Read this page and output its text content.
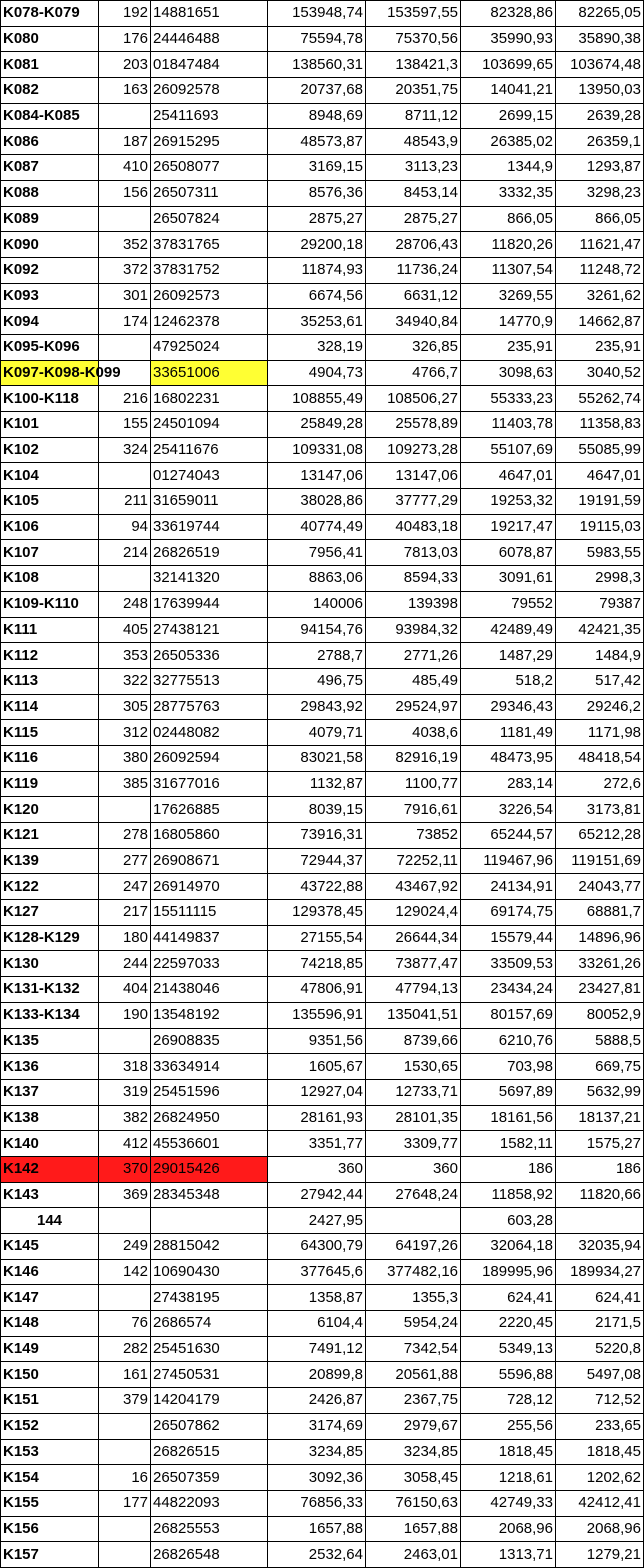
K078-K079	192	14881651	153948,74	153597,55	82328,86	82265,05
K080	176	24446488	75594,78	75370,56	35990,93	35890,38
K081	203	01847484	138560,31	138421,3	103699,65	103674,48
K082	163	26092578	20737,68	20351,75	14041,21	13950,03
K084-K085		25411693	8948,69	8711,12	2699,15	2639,28
K086	187	26915295	48573,87	48543,9	26385,02	26359,1
K087	410	26508077	3169,15	3113,23	1344,9	1293,87
K088	156	26507311	8576,36	8453,14	3332,35	3298,23
K089		26507824	2875,27	2875,27	866,05	866,05
K090	352	37831765	29200,18	28706,43	11820,26	11621,47
K092	372	37831752	11874,93	11736,24	11307,54	11248,72
K093	301	26092573	6674,56	6631,12	3269,55	3261,62
K094	174	12462378	35253,61	34940,84	14770,9	14662,87
K095-K096		47925024	328,19	326,85	235,91	235,91
K097-K098-K099		33651006	4904,73	4766,7	3098,63	3040,52
K100-K118	216	16802231	108855,49	108506,27	55333,23	55262,74
K101	155	24501094	25849,28	25578,89	11403,78	11358,83
K102	324	25411676	109331,08	109273,28	55107,69	55085,99
K104		01274043	13147,06	13147,06	4647,01	4647,01
K105	211	31659011	38028,86	37777,29	19253,32	19191,59
K106	94	33619744	40774,49	40483,18	19217,47	19115,03
K107	214	26826519	7956,41	7813,03	6078,87	5983,55
K108		32141320	8863,06	8594,33	3091,61	2998,3
K109-K110	248	17639944	140006	139398	79552	79387
K111	405	27438121	94154,76	93984,32	42489,49	42421,35
K112	353	26505336	2788,7	2771,26	1487,29	1484,9
K113	322	32775513	496,75	485,49	518,2	517,42
K114	305	28775763	29843,92	29524,97	29346,43	29246,2
K115	312	02448082	4079,71	4038,6	1181,49	1171,98
K116	380	26092594	83021,58	82916,19	48473,95	48418,54
K119	385	31677016	1132,87	1100,77	283,14	272,6
K120		17626885	8039,15	7916,61	3226,54	3173,81
K121	278	16805860	73916,31	73852	65244,57	65212,28
K139	277	26908671	72944,37	72252,11	119467,96	119151,69
K122	247	26914970	43722,88	43467,92	24134,91	24043,77
K127	217	15511115	129378,45	129024,4	69174,75	68881,7
K128-K129	180	44149837	27155,54	26644,34	15579,44	14896,96
K130	244	22597033	74218,85	73877,47	33509,53	33261,26
K131-K132	404	21438046	47806,91	47794,13	23434,24	23427,81
K133-K134	190	13548192	135596,91	135041,51	80157,69	80052,9
K135		26908835	9351,56	8739,66	6210,76	5888,5
K136	318	33634914	1605,67	1530,65	703,98	669,75
K137	319	25451596	12927,04	12733,71	5697,89	5632,99
K138	382	26824950	28161,93	28101,35	18161,56	18137,21
K140	412	45536601	3351,77	3309,77	1582,11	1575,27
K142	370	29015426	360	360	186	186
K143	369	28345348	27942,44	27648,24	11858,92	11820,66
144			2427,95		603,28	
K145	249	28815042	64300,79	64197,26	32064,18	32035,94
K146	142	10690430	377645,6	377482,16	189995,96	189934,27
K147		27438195	1358,87	1355,3	624,41	624,41
K148	76	2686574	6104,4	5954,24	2220,45	2171,5
K149	282	25451630	7491,12	7342,54	5349,13	5220,8
K150	161	27450531	20899,8	20561,88	5596,88	5497,08
K151	379	14204179	2426,87	2367,75	728,12	712,52
K152		26507862	3174,69	2979,67	255,56	233,65
K153		26826515	3234,85	3234,85	1818,45	1818,45
K154	16	26507359	3092,36	3058,45	1218,61	1202,62
K155	177	44822093	76856,33	76150,63	42749,33	42412,41
K156		26825553	1657,88	1657,88	2068,96	2068,96
K157		26826548	2532,64	2463,01	1313,71	1279,21
